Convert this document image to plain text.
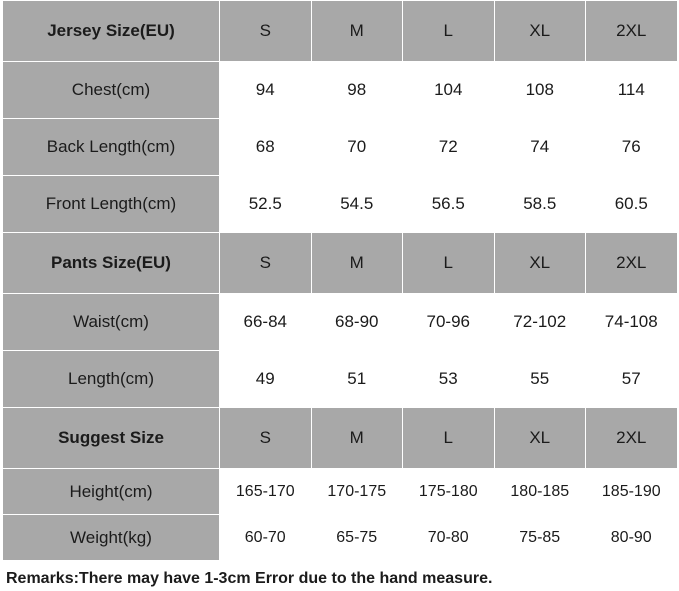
Jersey Size(EU)	S	M	L	XL	2XL
Chest(cm)	94	98	104	108	114
Back Length(cm)	68	70	72	74	76
Front Length(cm)	52.5	54.5	56.5	58.5	60.5
Pants Size(EU)	S	M	L	XL	2XL
Waist(cm)	66-84	68-90	70-96	72-102	74-108
Length(cm)	49	51	53	55	57
Suggest Size	S	M	L	XL	2XL
Height(cm)	165-170	170-175	175-180	180-185	185-190
Weight(kg)	60-70	65-75	70-80	75-85	80-90
Remarks:There may have 1-3cm Error due to the hand measure.
